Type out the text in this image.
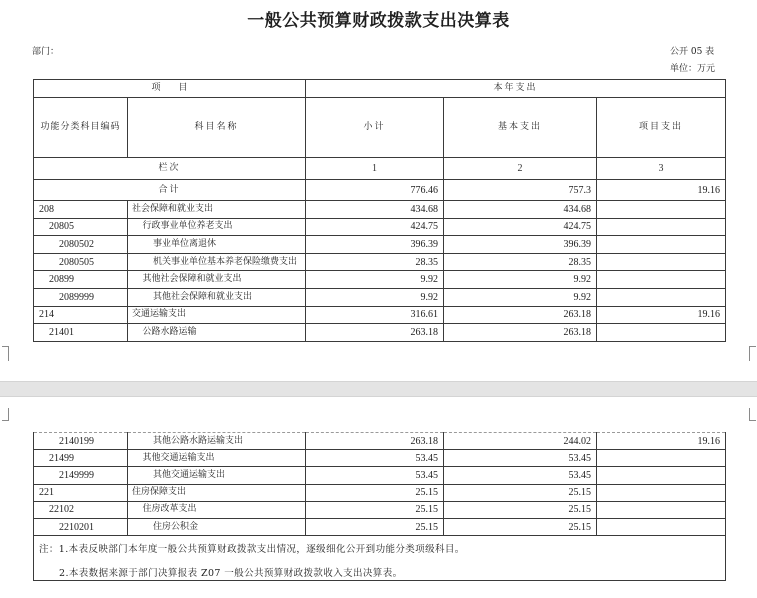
一般公共预算财政拨款支出决算表
部门：	公开 05 表
单位：万元
项　　目		本年支出		
功能分类科目编码	科目名称	小计	基本支出	项目支出
栏次		1	2	3
合计		776.46	757.3	19.16
208	社会保障和就业支出	434.68	434.68	
20805	行政事业单位养老支出	424.75	424.75	
2080502	事业单位离退休	396.39	396.39	
2080505	机关事业单位基本养老保险缴费支出	28.35	28.35	
20899	其他社会保障和就业支出	9.92	9.92	
2089999	其他社会保障和就业支出	9.92	9.92	
214	交通运输支出	316.61	263.18	19.16
21401	公路水路运输	263.18	263.18	
2140199	其他公路水路运输支出	263.18	244.02	19.16
21499	其他交通运输支出	53.45	53.45	
2149999	其他交通运输支出	53.45	53.45	
221	住房保障支出	25.15	25.15	
22102	住房改革支出	25.15	25.15	
2210201	住房公积金	25.15	25.15	

注：1.本表反映部门本年度一般公共预算财政拨款支出情况，逐级细化公开到功能分类项级科目。
2.本表数据来源于部门决算报表 Z07 一般公共预算财政拨款收入支出决算表。				
